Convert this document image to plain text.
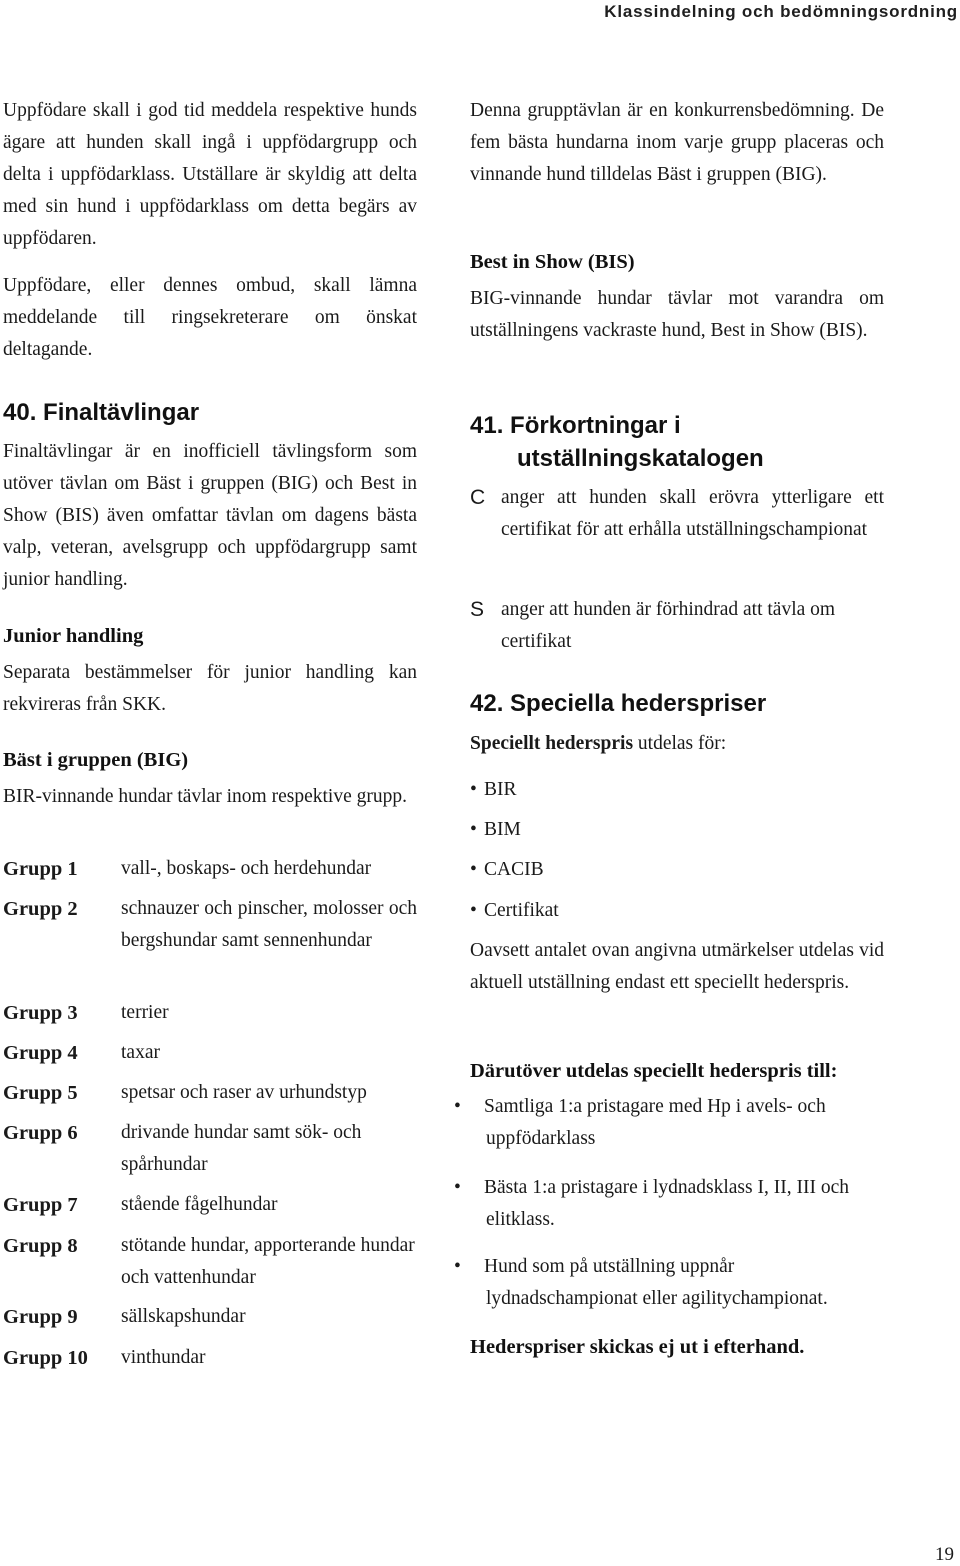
Klassindelning och bedömningsordning

Uppfödare skall i god tid meddela respektive hunds ägare att hunden skall ingå i uppfödargrupp och delta i uppfödarklass. Utställare är skyldig att delta med sin hund i uppfödarklass om detta begärs av uppfödaren.

Uppfödare, eller dennes ombud, skall lämna meddelande till ringsekreterare om önskat deltagande.

40. Finaltävlingar

Finaltävlingar är en inofficiell tävlingsform som utöver tävlan om Bäst i gruppen (BIG) och Best in Show (BIS) även omfattar tävlan om dagens bästa valp, veteran, avelsgrupp och uppfödargrupp samt junior handling.

Junior handling

Separata bestämmelser för junior handling kan rekvireras från SKK.

Bäst i gruppen (BIG)

BIR-vinnande hundar tävlar inom respektive grupp.

Grupp 1 vall-, boskaps- och herdehundar
Grupp 2 schnauzer och pinscher, molosser och bergshundar samt sennenhundar
Grupp 3 terrier
Grupp 4 taxar
Grupp 5 spetsar och raser av urhundstyp
Grupp 6 drivande hundar samt sök- och spårhundar
Grupp 7 stående fågelhundar
Grupp 8 stötande hundar, apporterande hundar och vattenhundar
Grupp 9 sällskapshundar
Grupp 10 vinthundar

Denna grupptävlan är en konkurrensbedömning. De fem bästa hundarna inom varje grupp placeras och vinnande hund tilldelas Bäst i gruppen (BIG).

Best in Show (BIS)

BIG-vinnande hundar tävlar mot varandra om utställningens vackraste hund, Best in Show (BIS).

41. Förkortningar i
utställningskatalogen
C anger att hunden skall erövra ytterligare ett certifikat för att erhålla utställningschampionat
S anger att hunden är förhindrad att tävla om certifikat
42. Speciella hederspriser

Speciellt hederspris utdelas för:

• BIR
• BIM
• CACIB
• Certifikat

Oavsett antalet ovan angivna utmärkelser utdelas vid aktuell utställning endast ett speciellt hederspris.

Därutöver utdelas speciellt hederspris till:
• Samtliga 1:a pristagare med Hp i avels- och uppfödarklass
• Bästa 1:a pristagare i lydnadsklass I, II, III och elitklass.
• Hund som på utställning uppnår lydnadschampionat eller agilitychampionat.
Hederspriser skickas ej ut i efterhand.
19
